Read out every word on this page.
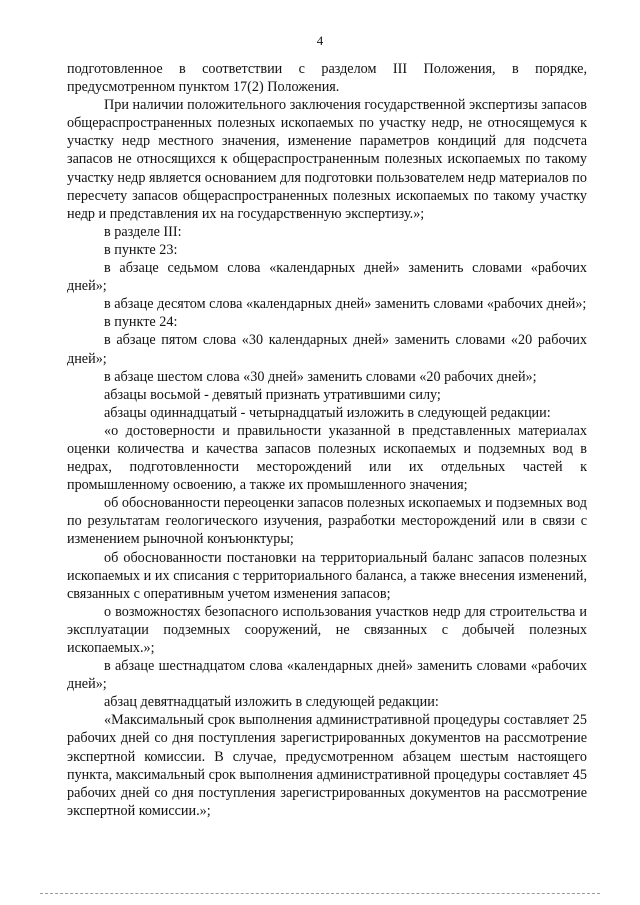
4

подготовленное в соответствии с разделом III Положения, в порядке, предусмотренном пунктом 17(2) Положения.

При наличии положительного заключения государственной экспертизы запасов общераспространенных полезных ископаемых по участку недр, не относящемуся к участку недр местного значения, изменение параметров кондиций для подсчета запасов не относящихся к общераспространенным полезных ископаемых по такому участку недр является основанием для подготовки пользователем недр материалов по пересчету запасов общераспространенных полезных ископаемых по такому участку недр и представления их на государственную экспертизу.»;

в разделе III:

в пункте 23:

в абзаце седьмом слова «календарных дней» заменить словами «рабочих дней»;

в абзаце десятом слова «календарных дней» заменить словами «рабочих дней»;

в пункте 24:

в абзаце пятом слова «30 календарных дней» заменить словами «20 рабочих дней»;

в абзаце шестом слова «30 дней» заменить словами «20 рабочих дней»;

абзацы восьмой - девятый признать утратившими силу;

абзацы одиннадцатый - четырнадцатый изложить в следующей редакции:

«о достоверности и правильности указанной в представленных материалах оценки количества и качества запасов полезных ископаемых и подземных вод в недрах, подготовленности месторождений или их отдельных частей к промышленному освоению, а также их промышленного значения;

об обоснованности переоценки запасов полезных ископаемых и подземных вод по результатам геологического изучения, разработки месторождений или в связи с изменением рыночной конъюнктуры;

об обоснованности постановки на территориальный баланс запасов полезных ископаемых и их списания с территориального баланса, а также внесения изменений, связанных с оперативным учетом изменения запасов;

о возможностях безопасного использования участков недр для строительства и эксплуатации подземных сооружений, не связанных с добычей полезных ископаемых.»;

в абзаце шестнадцатом слова «календарных дней» заменить словами «рабочих дней»;

абзац девятнадцатый изложить в следующей редакции:

«Максимальный срок выполнения административной процедуры составляет 25 рабочих дней со дня поступления зарегистрированных документов на рассмотрение экспертной комиссии. В случае, предусмотренном абзацем шестым настоящего пункта, максимальный срок выполнения административной процедуры составляет 45 рабочих дней со дня поступления зарегистрированных документов на рассмотрение экспертной комиссии.»;
